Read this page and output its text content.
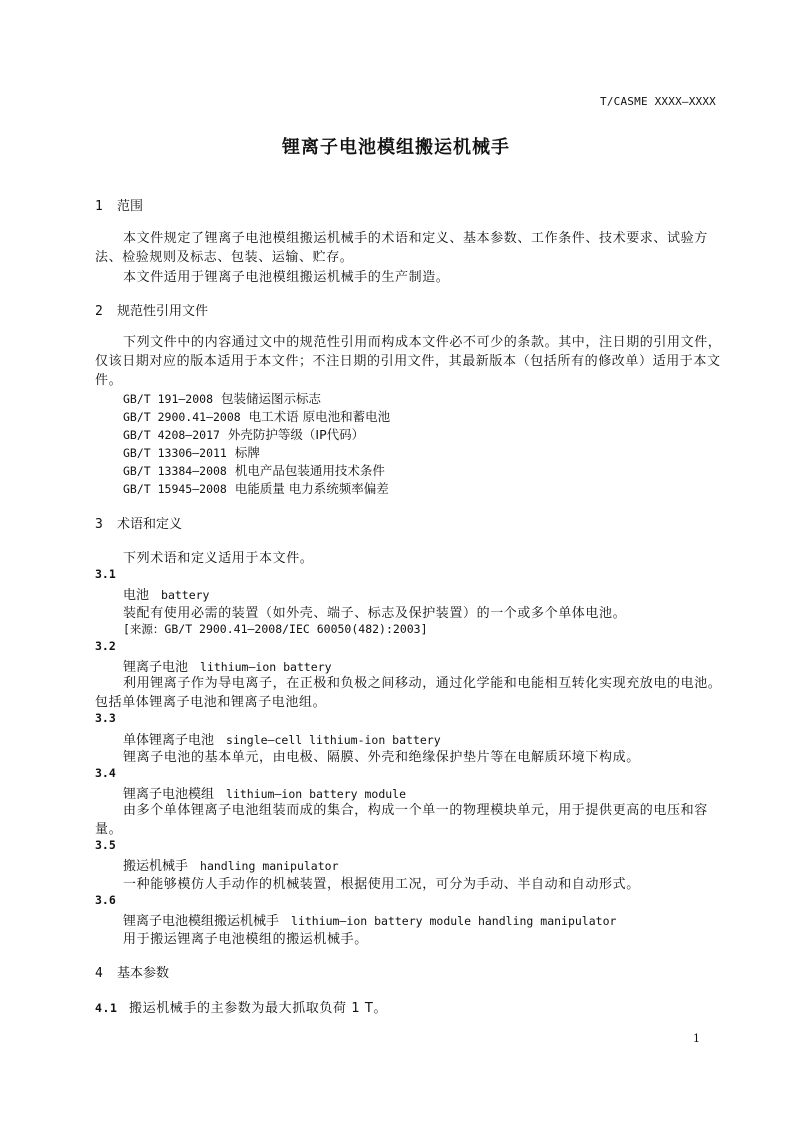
T/CASME XXXX—XXXX
锂离子电池模组搬运机械手
1 范围
本文件规定了锂离子电池模组搬运机械手的术语和定义、基本参数、工作条件、技术要求、试验方法、检验规则及标志、包装、运输、贮存。
本文件适用于锂离子电池模组搬运机械手的生产制造。
2 规范性引用文件
下列文件中的内容通过文中的规范性引用而构成本文件必不可少的条款。其中，注日期的引用文件，仅该日期对应的版本适用于本文件；不注日期的引用文件，其最新版本（包括所有的修改单）适用于本文件。
GB/T 191—2008 包装储运图示标志
GB/T 2900.41—2008 电工术语 原电池和蓄电池
GB/T 4208—2017 外壳防护等级（IP代码）
GB/T 13306—2011 标牌
GB/T 13384—2008 机电产品包装通用技术条件
GB/T 15945—2008 电能质量 电力系统频率偏差
3 术语和定义
下列术语和定义适用于本文件。
3.1
电池 battery
装配有使用必需的装置（如外壳、端子、标志及保护装置）的一个或多个单体电池。
[来源：GB/T 2900.41—2008/IEC 60050(482):2003]
3.2
锂离子电池 lithium—ion battery
利用锂离子作为导电离子，在正极和负极之间移动，通过化学能和电能相互转化实现充放电的电池。包括单体锂离子电池和锂离子电池组。
3.3
单体锂离子电池 single—cell lithium-ion battery
锂离子电池的基本单元，由电极、隔膜、外壳和绝缘保护垫片等在电解质环境下构成。
3.4
锂离子电池模组 lithium—ion battery module
由多个单体锂离子电池组装而成的集合，构成一个单一的物理模块单元，用于提供更高的电压和容量。
3.5
搬运机械手 handling manipulator
一种能够模仿人手动作的机械装置，根据使用工况，可分为手动、半自动和自动形式。
3.6
锂离子电池模组搬运机械手 lithium—ion battery module handling manipulator
用于搬运锂离子电池模组的搬运机械手。
4 基本参数
4.1 搬运机械手的主参数为最大抓取负荷 1 T。
1
